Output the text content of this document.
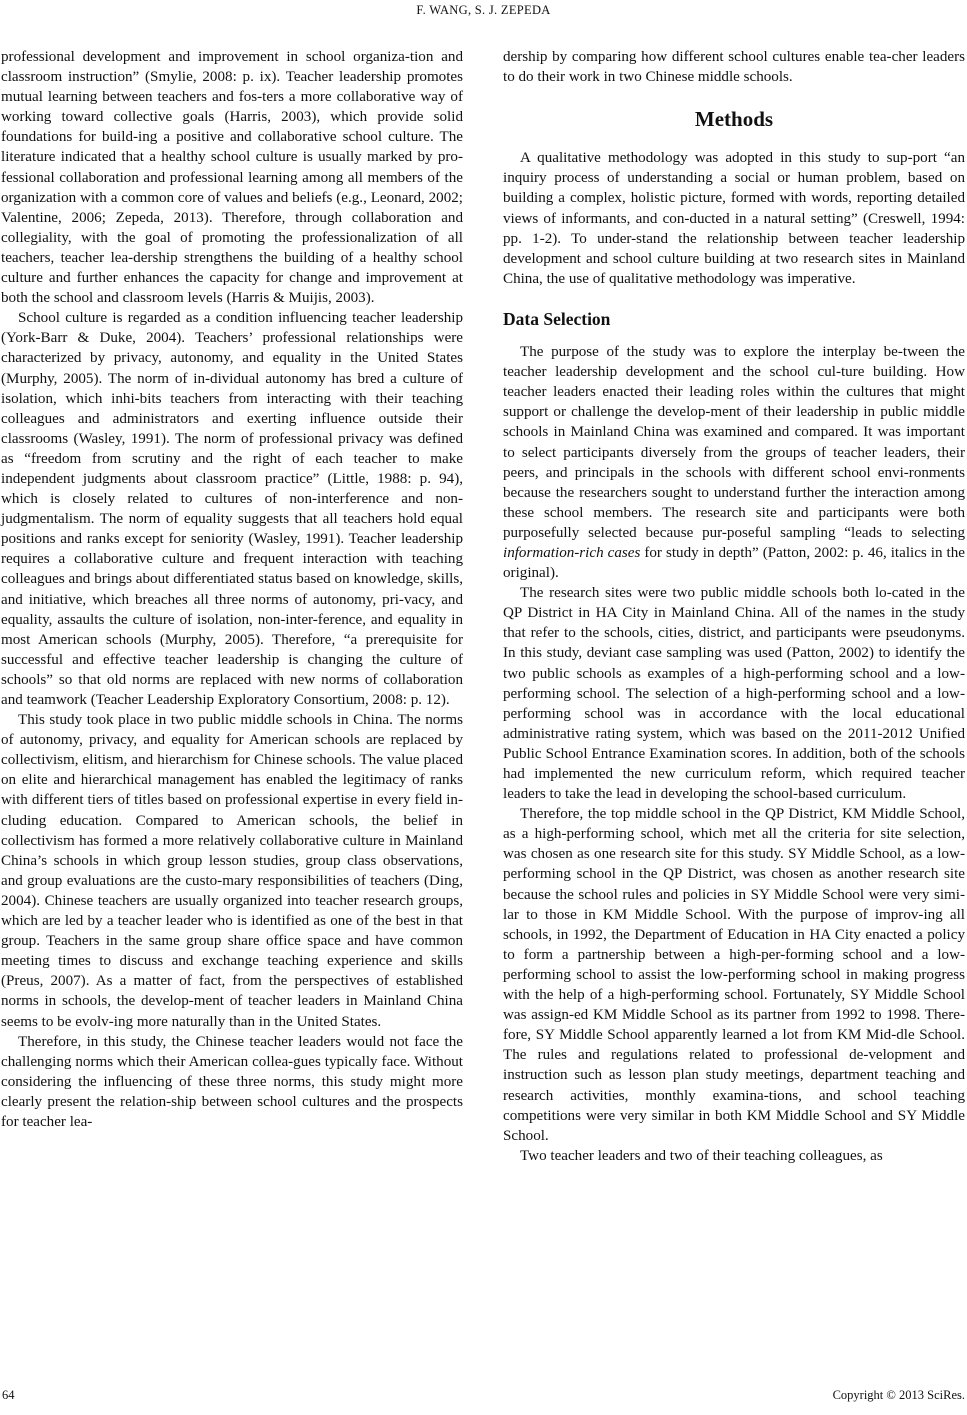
F. WANG, S. J. ZEPEDA

professional development and improvement in school organiza-tion and classroom instruction” (Smylie, 2008: p. ix). Teacher leadership promotes mutual learning between teachers and fos-ters a more collaborative way of working toward collective goals (Harris, 2003), which provide solid foundations for build-ing a positive and collaborative school culture. The literature indicated that a healthy school culture is usually marked by pro-fessional collaboration and professional learning among all members of the organization with a common core of values and beliefs (e.g., Leonard, 2002; Valentine, 2006; Zepeda, 2013). Therefore, through collaboration and collegiality, with the goal of promoting the professionalization of all teachers, teacher lea-dership strengthens the building of a healthy school culture and further enhances the capacity for change and improvement at both the school and classroom levels (Harris & Muijis, 2003).

School culture is regarded as a condition influencing teacher leadership (York-Barr & Duke, 2004). Teachers’ professional relationships were characterized by privacy, autonomy, and equality in the United States (Murphy, 2005). The norm of in-dividual autonomy has bred a culture of isolation, which inhi-bits teachers from interacting with their teaching colleagues and administrators and exerting influence outside their classrooms (Wasley, 1991). The norm of professional privacy was defined as “freedom from scrutiny and the right of each teacher to make independent judgments about classroom practice” (Little, 1988: p. 94), which is closely related to cultures of non-interference and non-judgmentalism. The norm of equality suggests that all teachers hold equal positions and ranks except for seniority (Wasley, 1991). Teacher leadership requires a collaborative culture and frequent interaction with teaching colleagues and brings about differentiated status based on knowledge, skills, and initiative, which breaches all three norms of autonomy, pri-vacy, and equality, assaults the culture of isolation, non-inter-ference, and equality in most American schools (Murphy, 2005). Therefore, “a prerequisite for successful and effective teacher leadership is changing the culture of schools” so that old norms are replaced with new norms of collaboration and teamwork (Teacher Leadership Exploratory Consortium, 2008: p. 12).

This study took place in two public middle schools in China. The norms of autonomy, privacy, and equality for American schools are replaced by collectivism, elitism, and hierarchism for Chinese schools. The value placed on elite and hierarchical management has enabled the legitimacy of ranks with different tiers of titles based on professional expertise in every field in-cluding education. Compared to American schools, the belief in collectivism has formed a more relatively collaborative culture in Mainland China’s schools in which group lesson studies, group class observations, and group evaluations are the custo-mary responsibilities of teachers (Ding, 2004). Chinese teachers are usually organized into teacher research groups, which are led by a teacher leader who is identified as one of the best in that group. Teachers in the same group share office space and have common meeting times to discuss and exchange teaching experience and skills (Preus, 2007). As a matter of fact, from the perspectives of established norms in schools, the develop-ment of teacher leaders in Mainland China seems to be evolv-ing more naturally than in the United States.

Therefore, in this study, the Chinese teacher leaders would not face the challenging norms which their American collea-gues typically face. Without considering the influencing of these three norms, this study might more clearly present the relation-ship between school cultures and the prospects for teacher lea-

dership by comparing how different school cultures enable tea-cher leaders to do their work in two Chinese middle schools.

Methods

A qualitative methodology was adopted in this study to sup-port “an inquiry process of understanding a social or human problem, based on building a complex, holistic picture, formed with words, reporting detailed views of informants, and con-ducted in a natural setting” (Creswell, 1994: pp. 1-2). To under-stand the relationship between teacher leadership development and school culture building at two research sites in Mainland China, the use of qualitative methodology was imperative.

Data Selection

The purpose of the study was to explore the interplay be-tween the teacher leadership development and the school cul-ture building. How teacher leaders enacted their leading roles within the cultures that might support or challenge the develop-ment of their leadership in public middle schools in Mainland China was examined and compared. It was important to select participants diversely from the groups of teacher leaders, their peers, and principals in the schools with different school envi-ronments because the researchers sought to understand further the interaction among these school members. The research site and participants were both purposefully selected because pur-poseful sampling “leads to selecting information-rich cases for study in depth” (Patton, 2002: p. 46, italics in the original).

The research sites were two public middle schools both lo-cated in the QP District in HA City in Mainland China. All of the names in the study that refer to the schools, cities, district, and participants were pseudonyms. In this study, deviant case sampling was used (Patton, 2002) to identify the two public schools as examples of a high-performing school and a low-performing school. The selection of a high-performing school and a low-performing school was in accordance with the local educational administrative rating system, which was based on the 2011-2012 Unified Public School Entrance Examination scores. In addition, both of the schools had implemented the new curriculum reform, which required teacher leaders to take the lead in developing the school-based curriculum.

Therefore, the top middle school in the QP District, KM Middle School, as a high-performing school, which met all the criteria for site selection, was chosen as one research site for this study. SY Middle School, as a low-performing school in the QP District, was chosen as another research site because the school rules and policies in SY Middle School were very simi-lar to those in KM Middle School. With the purpose of improv-ing all schools, in 1992, the Department of Education in HA City enacted a policy to form a partnership between a high-per-forming school and a low-performing school to assist the low-performing school in making progress with the help of a high-performing school. Fortunately, SY Middle School was assign-ed KM Middle School as its partner from 1992 to 1998. There-fore, SY Middle School apparently learned a lot from KM Mid-dle School. The rules and regulations related to professional de-velopment and instruction such as lesson plan study meetings, department teaching and research activities, monthly examina-tions, and school teaching competitions were very similar in both KM Middle School and SY Middle School.

Two teacher leaders and two of their teaching colleagues, as

64	Copyright © 2013 SciRes.
